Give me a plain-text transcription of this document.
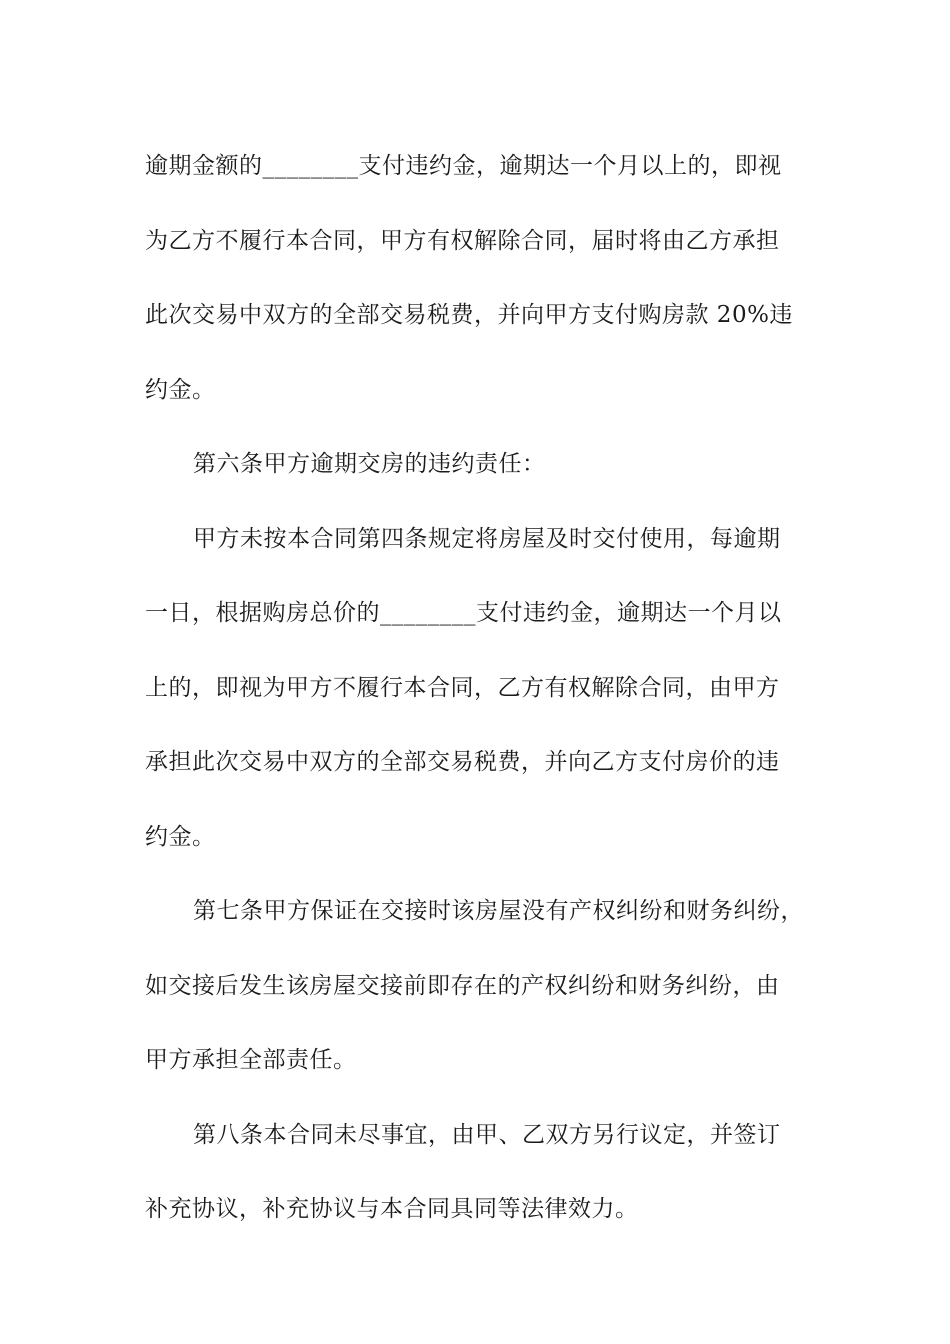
逾期金额的________支付违约金，逾期达一个月以上的，即视
为乙方不履行本合同，甲方有权解除合同，届时将由乙方承担
此次交易中双方的全部交易税费，并向甲方支付购房款 20%违
约金。
第六条甲方逾期交房的违约责任：
甲方未按本合同第四条规定将房屋及时交付使用，每逾期
一日，根据购房总价的________支付违约金，逾期达一个月以
上的，即视为甲方不履行本合同，乙方有权解除合同，由甲方
承担此次交易中双方的全部交易税费，并向乙方支付房价的违
约金。
第七条甲方保证在交接时该房屋没有产权纠纷和财务纠纷，
如交接后发生该房屋交接前即存在的产权纠纷和财务纠纷，由
甲方承担全部责任。
第八条本合同未尽事宜，由甲、乙双方另行议定，并签订
补充协议，补充协议与本合同具同等法律效力。
